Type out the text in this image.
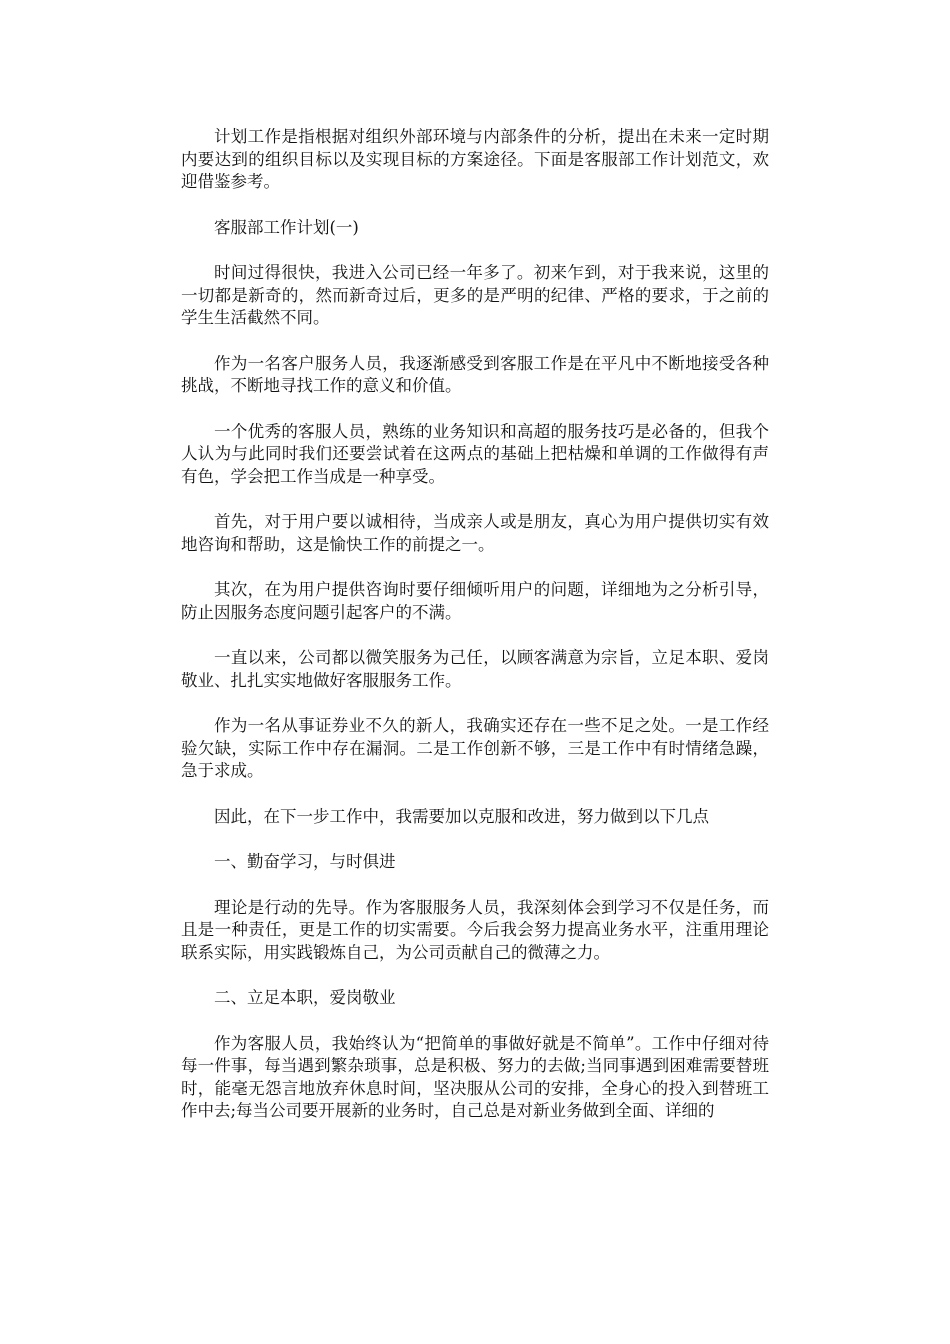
计划工作是指根据对组织外部环境与内部条件的分析，提出在未来一定时期内要达到的组织目标以及实现目标的方案途径。下面是客服部工作计划范文，欢迎借鉴参考。

客服部工作计划(一)

时间过得很快，我进入公司已经一年多了。初来乍到，对于我来说，这里的一切都是新奇的，然而新奇过后，更多的是严明的纪律、严格的要求，于之前的学生生活截然不同。

作为一名客户服务人员，我逐渐感受到客服工作是在平凡中不断地接受各种挑战，不断地寻找工作的意义和价值。

一个优秀的客服人员，熟练的业务知识和高超的服务技巧是必备的，但我个人认为与此同时我们还要尝试着在这两点的基础上把枯燥和单调的工作做得有声有色，学会把工作当成是一种享受。

首先，对于用户要以诚相待，当成亲人或是朋友，真心为用户提供切实有效地咨询和帮助，这是愉快工作的前提之一。

其次，在为用户提供咨询时要仔细倾听用户的问题，详细地为之分析引导，防止因服务态度问题引起客户的不满。

一直以来，公司都以微笑服务为己任，以顾客满意为宗旨，立足本职、爱岗敬业、扎扎实实地做好客服服务工作。

作为一名从事证券业不久的新人，我确实还存在一些不足之处。一是工作经验欠缺，实际工作中存在漏洞。二是工作创新不够，三是工作中有时情绪急躁，急于求成。

因此，在下一步工作中，我需要加以克服和改进，努力做到以下几点

一、勤奋学习，与时俱进

理论是行动的先导。作为客服服务人员，我深刻体会到学习不仅是任务，而且是一种责任，更是工作的切实需要。今后我会努力提高业务水平，注重用理论联系实际，用实践锻炼自己，为公司贡献自己的微薄之力。

二、立足本职，爱岗敬业

作为客服人员，我始终认为“把简单的事做好就是不简单”。工作中仔细对待每一件事，每当遇到繁杂琐事，总是积极、努力的去做;当同事遇到困难需要替班时，能毫无怨言地放弃休息时间，坚决服从公司的安排，全身心的投入到替班工作中去;每当公司要开展新的业务时，自己总是对新业务做到全面、详细的
